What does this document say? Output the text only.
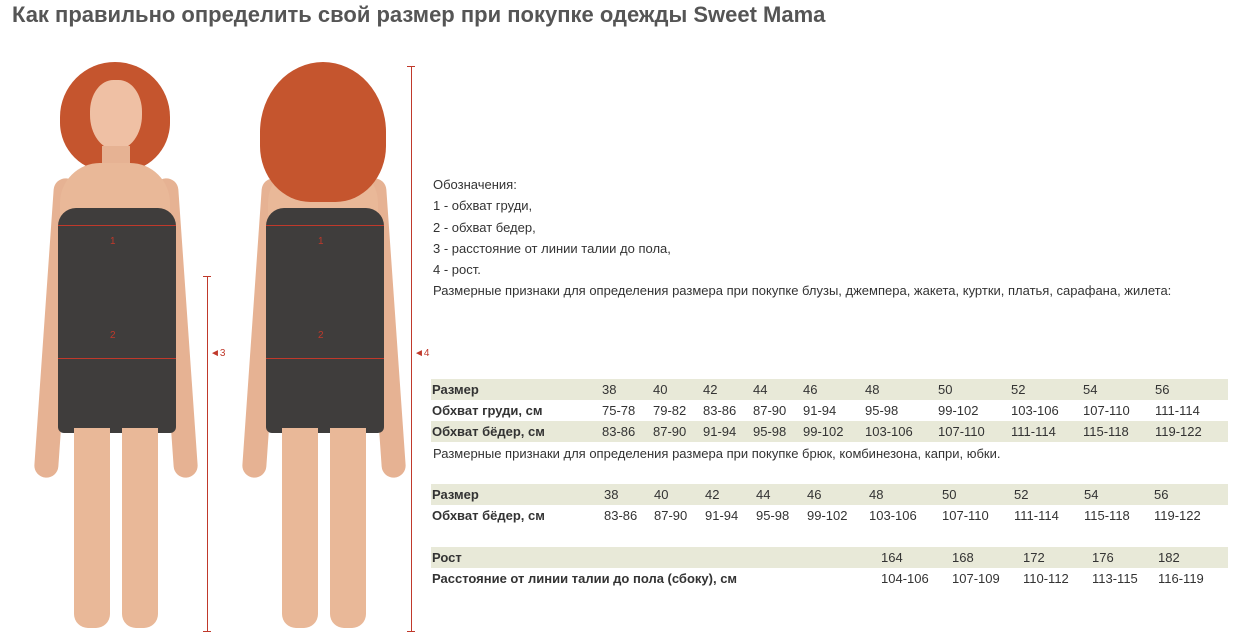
Как правильно определить свой размер при покупке одежды Sweet Mama
1
2
◄3
1
2
◄4
Обозначения:
1 - обхват груди,
2 - обхват бедер,
3 - расстояние от линии талии до пола,
4 - рост.
Размерные признаки для определения размера при покупке блузы, джемпера, жакета, куртки, платья, сарафана, жилета:
Размер	38	40	42	44	46	48	50	52	54	56
Обхват груди, см	75-78 79-82 83-86 87-90 91-94 95-98	99-102	103-106 107-110 111-114
Обхват бёдер, см	83-86 87-90 91-94 95-98 99-102 103-106 107-110 111-114 115-118 119-122
Размерные признаки для определения размера при покупке брюк, комбинезона, капри, юбки.
Размер	38	40	42	44	46	48	50	52	54	56
Обхват бёдер, см	83-86 87-90 91-94 95-98 99-102 103-106 107-110 111-114 115-118 119-122
Рост	164	168	172	176	182
Расстояние от линии талии до пола (сбоку), см	104-106 107-109 110-112 113-115 116-119
